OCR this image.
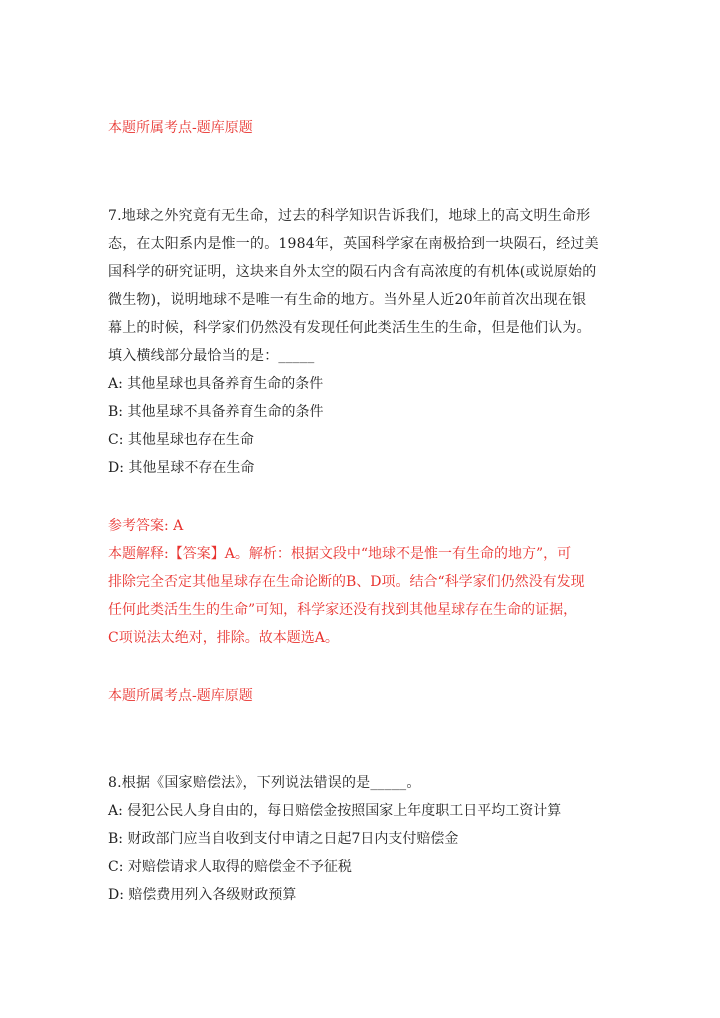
本题所属考点-题库原题
7.地球之外究竟有无生命，过去的科学知识告诉我们，地球上的高文明生命形
态，在太阳系内是惟一的。1984年，英国科学家在南极拾到一块陨石，经过美
国科学的研究证明，这块来自外太空的陨石内含有高浓度的有机体(或说原始的
微生物)，说明地球不是唯一有生命的地方。当外星人近20年前首次出现在银
幕上的时候，科学家们仍然没有发现任何此类活生生的生命，但是他们认为。
填入横线部分最恰当的是：_____
A: 其他星球也具备养育生命的条件
B: 其他星球不具备养育生命的条件
C: 其他星球也存在生命
D: 其他星球不存在生命
参考答案: A
本题解释:【答案】A。解析：根据文段中“地球不是惟一有生命的地方”，可
排除完全否定其他星球存在生命论断的B、D项。结合“科学家们仍然没有发现
任何此类活生生的生命”可知，科学家还没有找到其他星球存在生命的证据，
C项说法太绝对，排除。故本题选A。
本题所属考点-题库原题
8.根据《国家赔偿法》，下列说法错误的是_____。
A: 侵犯公民人身自由的，每日赔偿金按照国家上年度职工日平均工资计算
B: 财政部门应当自收到支付申请之日起7日内支付赔偿金
C: 对赔偿请求人取得的赔偿金不予征税
D: 赔偿费用列入各级财政预算
